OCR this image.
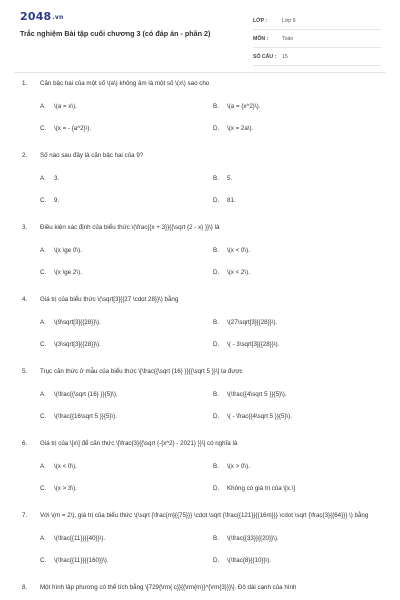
2048.vn
Trắc nghiệm Bài tập cuối chương 3 (có đáp án - phần 2)
LỚP :	Lớp 9
MÔN :	Toán
SỐ CÂU :	15
1. Căn bậc hai của một số \(a\) không âm là một số \(x\) sao cho
A.	\(a = x\).	B.	\(a = {x^2}\).
C.	\(x = - {a^2}\).	D.	\(x = 2a\).
2. Số nào sau đây là căn bậc hai của 9?
A.	3.	B.	5.
C.	9.	D.	81.
3. Điều kiện xác định của biểu thức \(\frac{{x + 3}}{{\sqrt {2 - x} }}\) là
A.	\(x \ge 0\).	B.	\(x < 0\).
C.	\(x \ge 2\).	D.	\(x < 2\).
4. Giá trị của biểu thức \(\sqrt[3]{{27 \cdot 28}}\) bằng
A.	\(9\sqrt[3]{{28}}\).	B.	\(27\sqrt[3]{{28}}\).
C.	\(3\sqrt[3]{{28}}\).	D.	\( - 3\sqrt[3]{{28}}\).
5. Trục căn thức ở mẫu của biểu thức \[\frac{{\sqrt {16} }}{{\sqrt 5 }}\] ta được
A.	\(\frac{{\sqrt {16} }}{5}\).	B.	\(\frac{{4\sqrt 5 }}{5}\).
C.	\(\frac{{16\sqrt 5 }}{5}\).	D.	\( - \frac{{4\sqrt 5 }}{5}\).
6. Giá trị của \[x\] để căn thức \[\frac{3}{{\sqrt {-{x^2} - 2021} }}\] có nghĩa là
A.	\(x < 0\).	B.	\(x > 0\).
C.	\(x > 3\).	D.	Không có giá trị của \[x.\]
7. Với \(m = 2\), giá trị của biểu thức \(\sqrt {\frac{m}{{75}}} \cdot \sqrt {\frac{{121}}{{16m}}} \cdot \sqrt {\frac{3}{{64}}} \) bằng
A.	\(\frac{{11}}{{40}}\).	B.	\(\frac{{33}}{{20}}\).
C.	\(\frac{{11}}{{160}}\).	D.	\(\frac{8}{{10}}\).
8. Một hình lập phương có thể tích bằng \[729{\rm{ c}}{{\rm{m}}^{\rm{3}}}\]. Độ dài cạnh của hình
